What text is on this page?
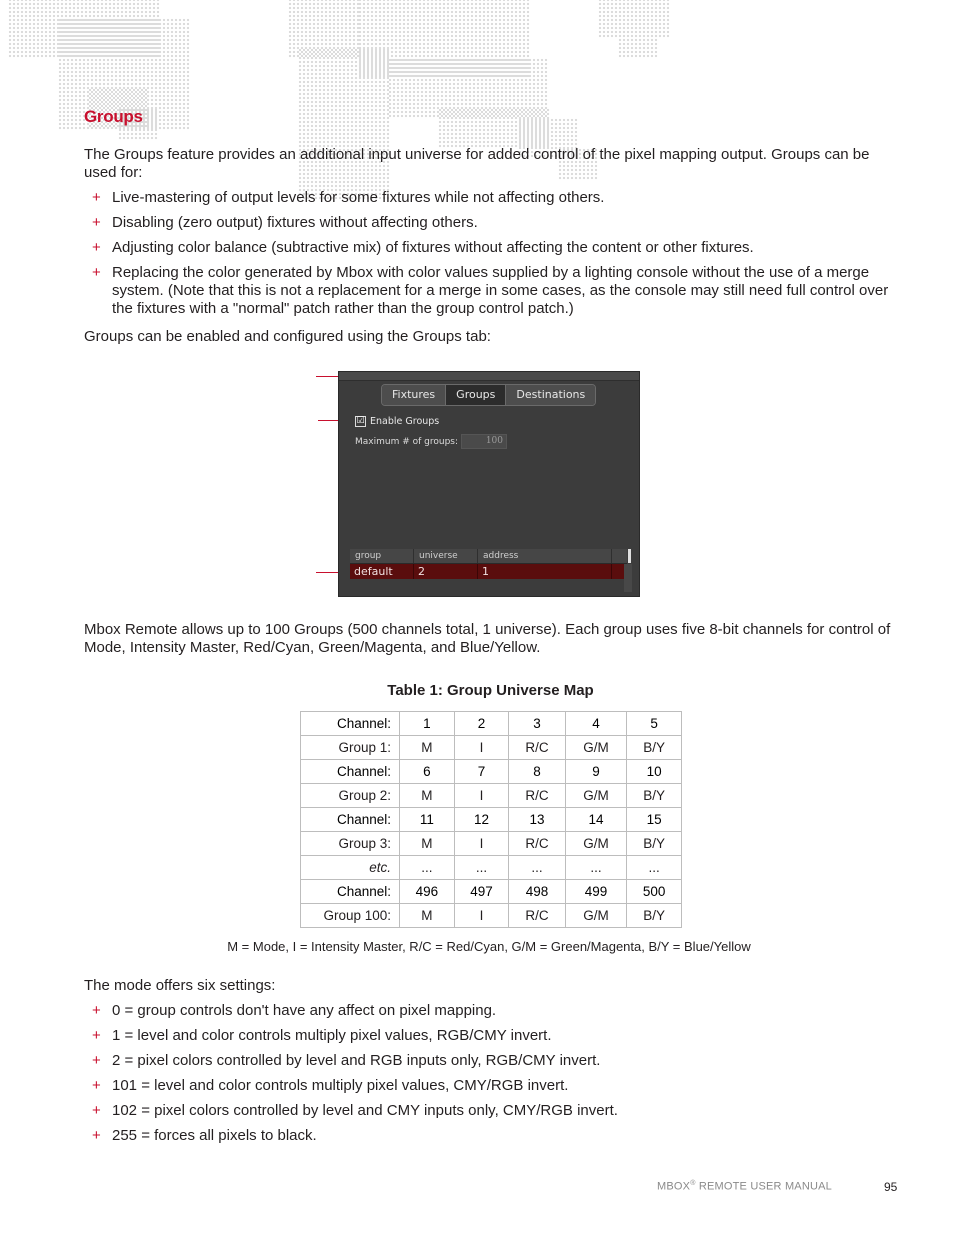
Groups

The Groups feature provides an additional input universe for added control of the pixel mapping output. Groups can be used for:

+ Live-mastering of output levels for some fixtures while not affecting others.
+ Disabling (zero output) fixtures without affecting others.
+ Adjusting color balance (subtractive mix) of fixtures without affecting the content or other fixtures.
+ Replacing the color generated by Mbox with color values supplied by a lighting console without the use of a merge system. (Note that this is not a replacement for a merge in some cases, as the console may still need full control over the fixtures with a "normal" patch rather than the group control patch.)

Groups can be enabled and configured using the Groups tab:

Fixtures	Groups	Destinations
☑ Enable Groups
Maximum # of groups:	100
group	universe	address
default	2	1

Mbox Remote allows up to 100 Groups (500 channels total, 1 universe). Each group uses five 8-bit channels for control of Mode, Intensity Master, Red/Cyan, Green/Magenta, and Blue/Yellow.

Table 1: Group Universe Map

Channel:	1	2	3	4	5
Group 1:	M	I	R/C	G/M	B/Y
Channel:	6	7	8	9	10
Group 2:	M	I	R/C	G/M	B/Y
Channel:	11	12	13	14	15
Group 3:	M	I	R/C	G/M	B/Y
etc.	...	...	...	...	...
Channel:	496	497	498	499	500
Group 100:	M	I	R/C	G/M	B/Y

M = Mode, I = Intensity Master, R/C = Red/Cyan, G/M = Green/Magenta, B/Y = Blue/Yellow

The mode offers six settings:

+ 0 = group controls don't have any affect on pixel mapping.
+ 1 = level and color controls multiply pixel values, RGB/CMY invert.
+ 2 = pixel colors controlled by level and RGB inputs only, RGB/CMY invert.
+ 101 = level and color controls multiply pixel values, CMY/RGB invert.
+ 102 = pixel colors controlled by level and CMY inputs only, CMY/RGB invert.
+ 255 = forces all pixels to black.
MBOX® REMOTE USER MANUAL	95
